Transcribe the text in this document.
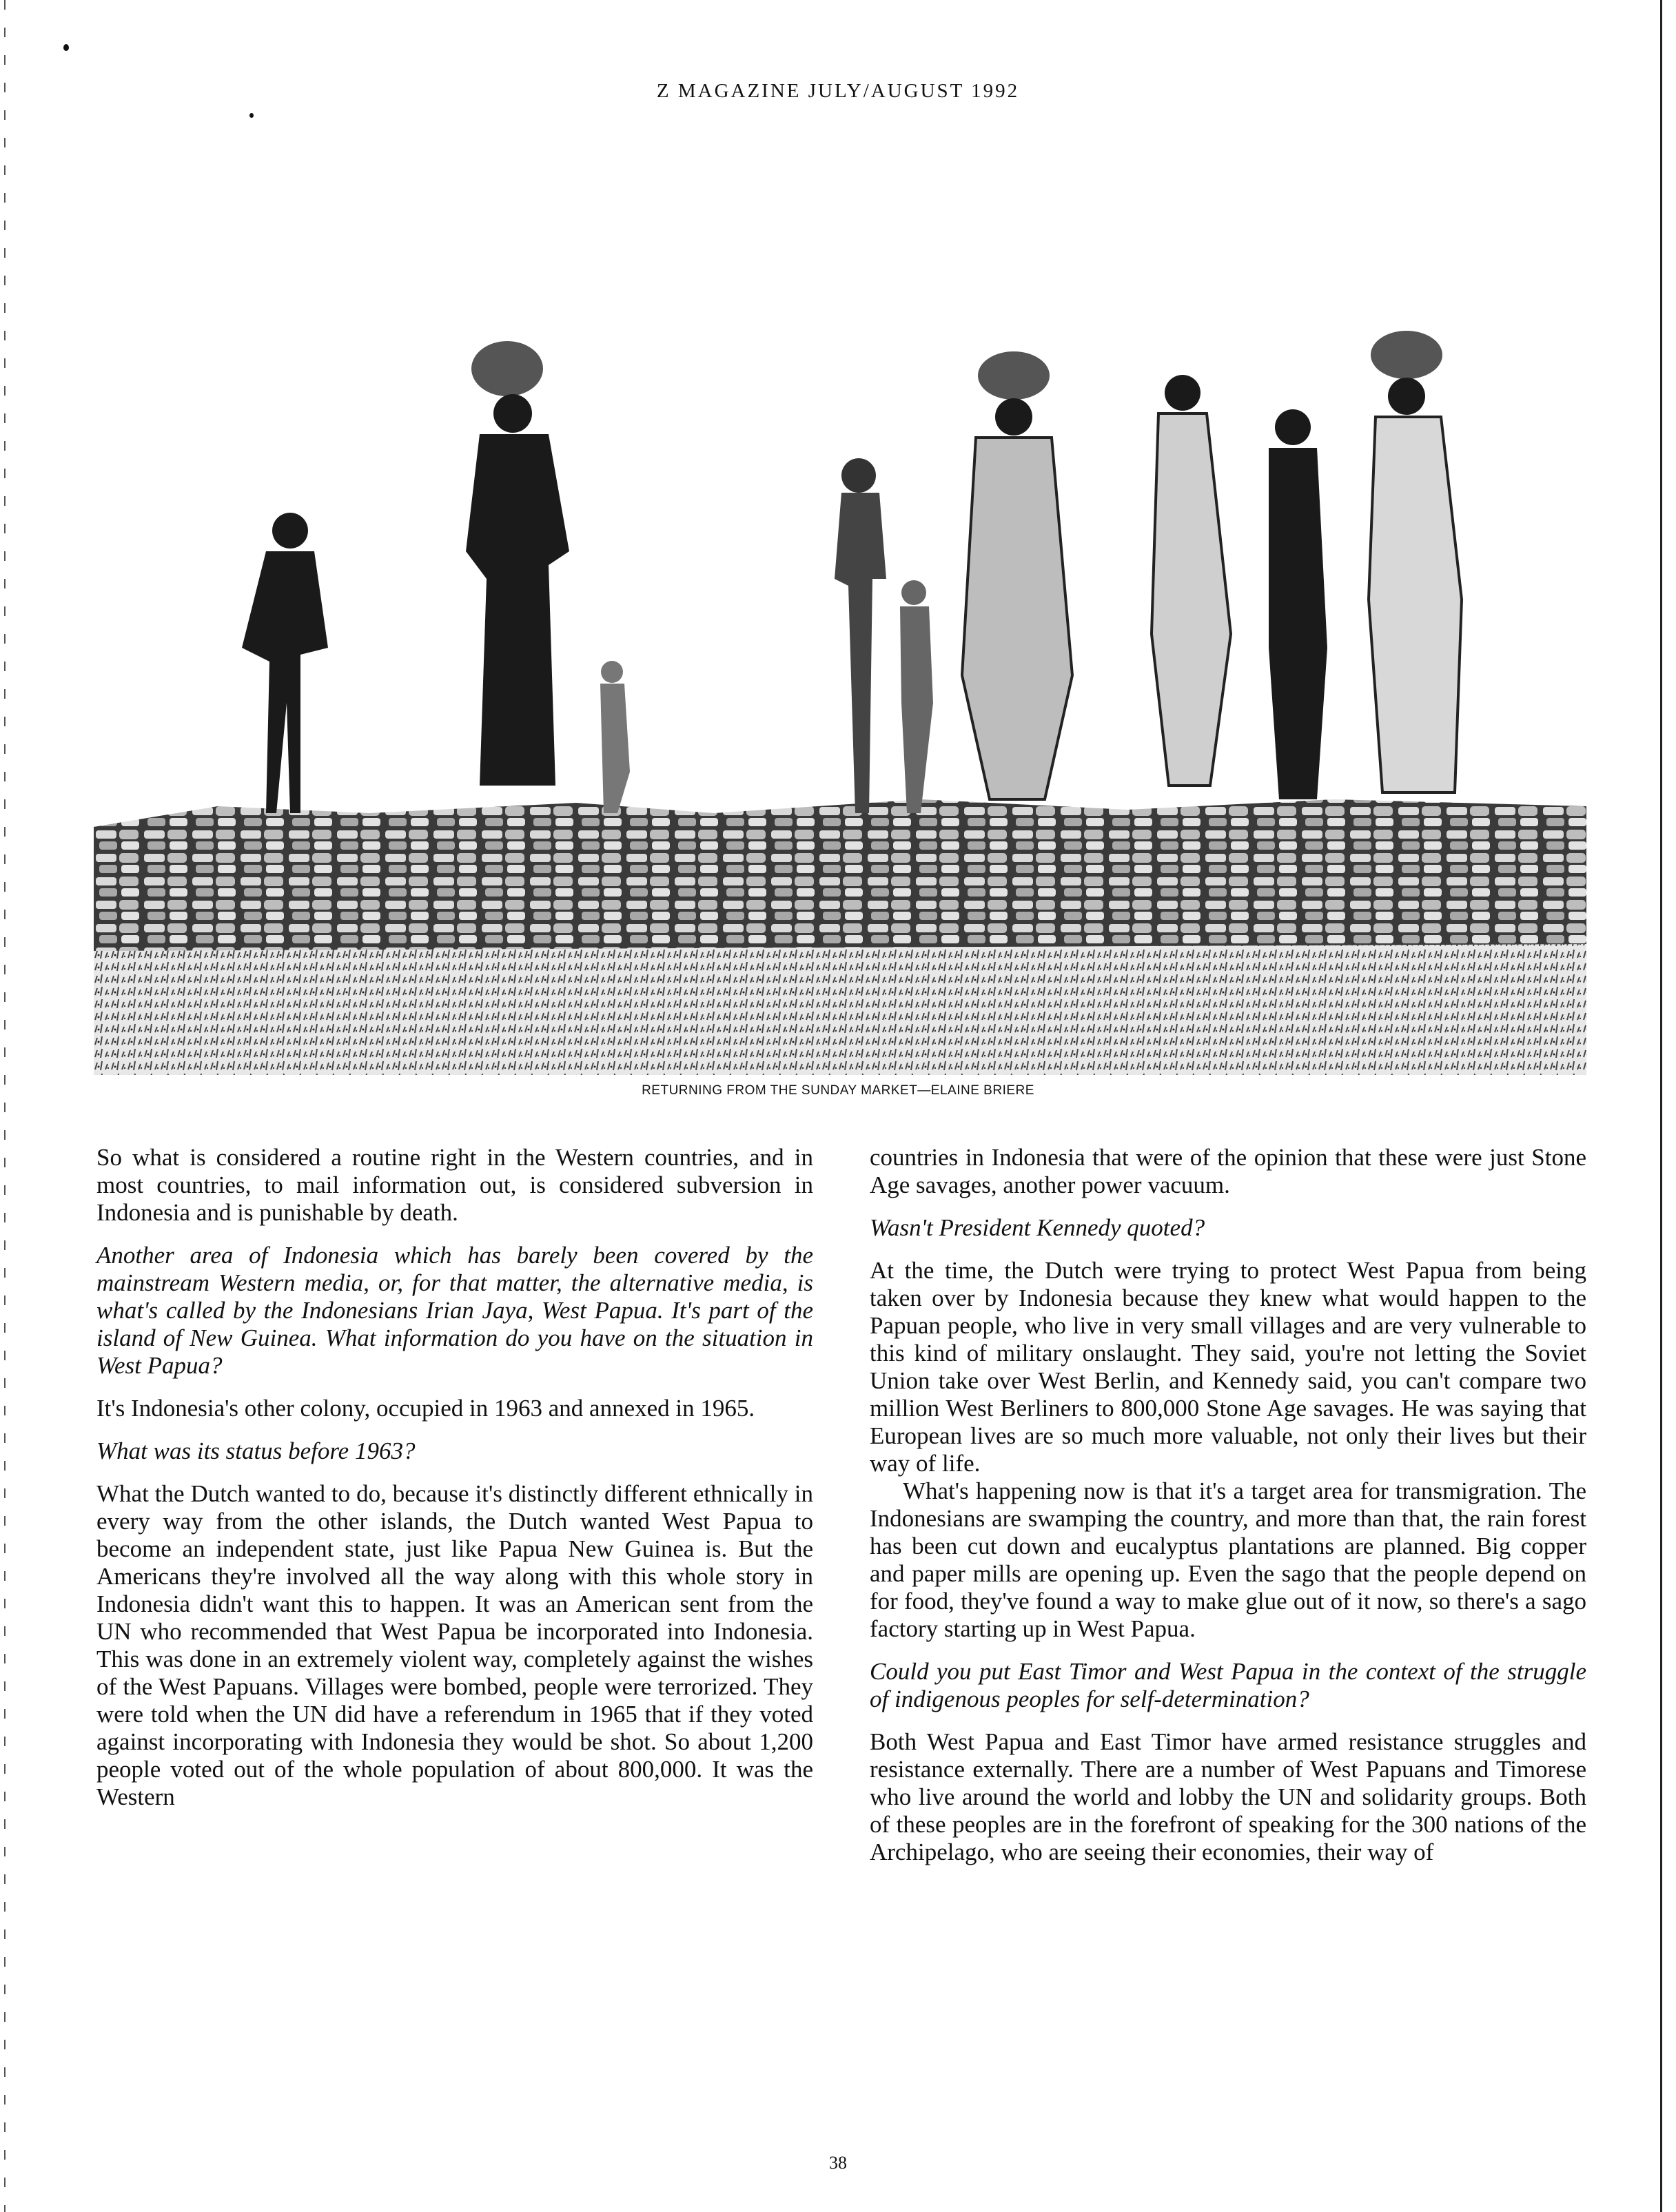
Z MAGAZINE JULY/AUGUST 1992
RETURNING FROM THE SUNDAY MARKET—ELAINE BRIERE

So what is considered a routine right in the Western countries, and in most countries, to mail information out, is considered subversion in Indonesia and is punishable by death.

Another area of Indonesia which has barely been covered by the mainstream Western media, or, for that matter, the alternative media, is what's called by the Indonesians Irian Jaya, West Papua. It's part of the island of New Guinea. What information do you have on the situation in West Papua?

It's Indonesia's other colony, occupied in 1963 and annexed in 1965.

What was its status before 1963?

What the Dutch wanted to do, because it's distinctly different ethnically in every way from the other islands, the Dutch wanted West Papua to become an independent state, just like Papua New Guinea is. But the Americans they're involved all the way along with this whole story in Indonesia didn't want this to happen. It was an American sent from the UN who recommended that West Papua be incorporated into Indonesia. This was done in an extremely violent way, completely against the wishes of the West Papuans. Villages were bombed, people were terrorized. They were told when the UN did have a referendum in 1965 that if they voted against incorporating with Indonesia they would be shot. So about 1,200 people voted out of the whole population of about 800,000. It was the Western

countries in Indonesia that were of the opinion that these were just Stone Age savages, another power vacuum.

Wasn't President Kennedy quoted?

At the time, the Dutch were trying to protect West Papua from being taken over by Indonesia because they knew what would happen to the Papuan people, who live in very small villages and are very vulnerable to this kind of military onslaught. They said, you're not letting the Soviet Union take over West Berlin, and Kennedy said, you can't compare two million West Berliners to 800,000 Stone Age savages. He was saying that European lives are so much more valuable, not only their lives but their way of life.

What's happening now is that it's a target area for transmigration. The Indonesians are swamping the country, and more than that, the rain forest has been cut down and eucalyptus plantations are planned. Big copper and paper mills are opening up. Even the sago that the people depend on for food, they've found a way to make glue out of it now, so there's a sago factory starting up in West Papua.

Could you put East Timor and West Papua in the context of the struggle of indigenous peoples for self-determination?

Both West Papua and East Timor have armed resistance struggles and resistance externally. There are a number of West Papuans and Timorese who live around the world and lobby the UN and solidarity groups. Both of these peoples are in the forefront of speaking for the 300 nations of the Archipelago, who are seeing their economies, their way of

38
